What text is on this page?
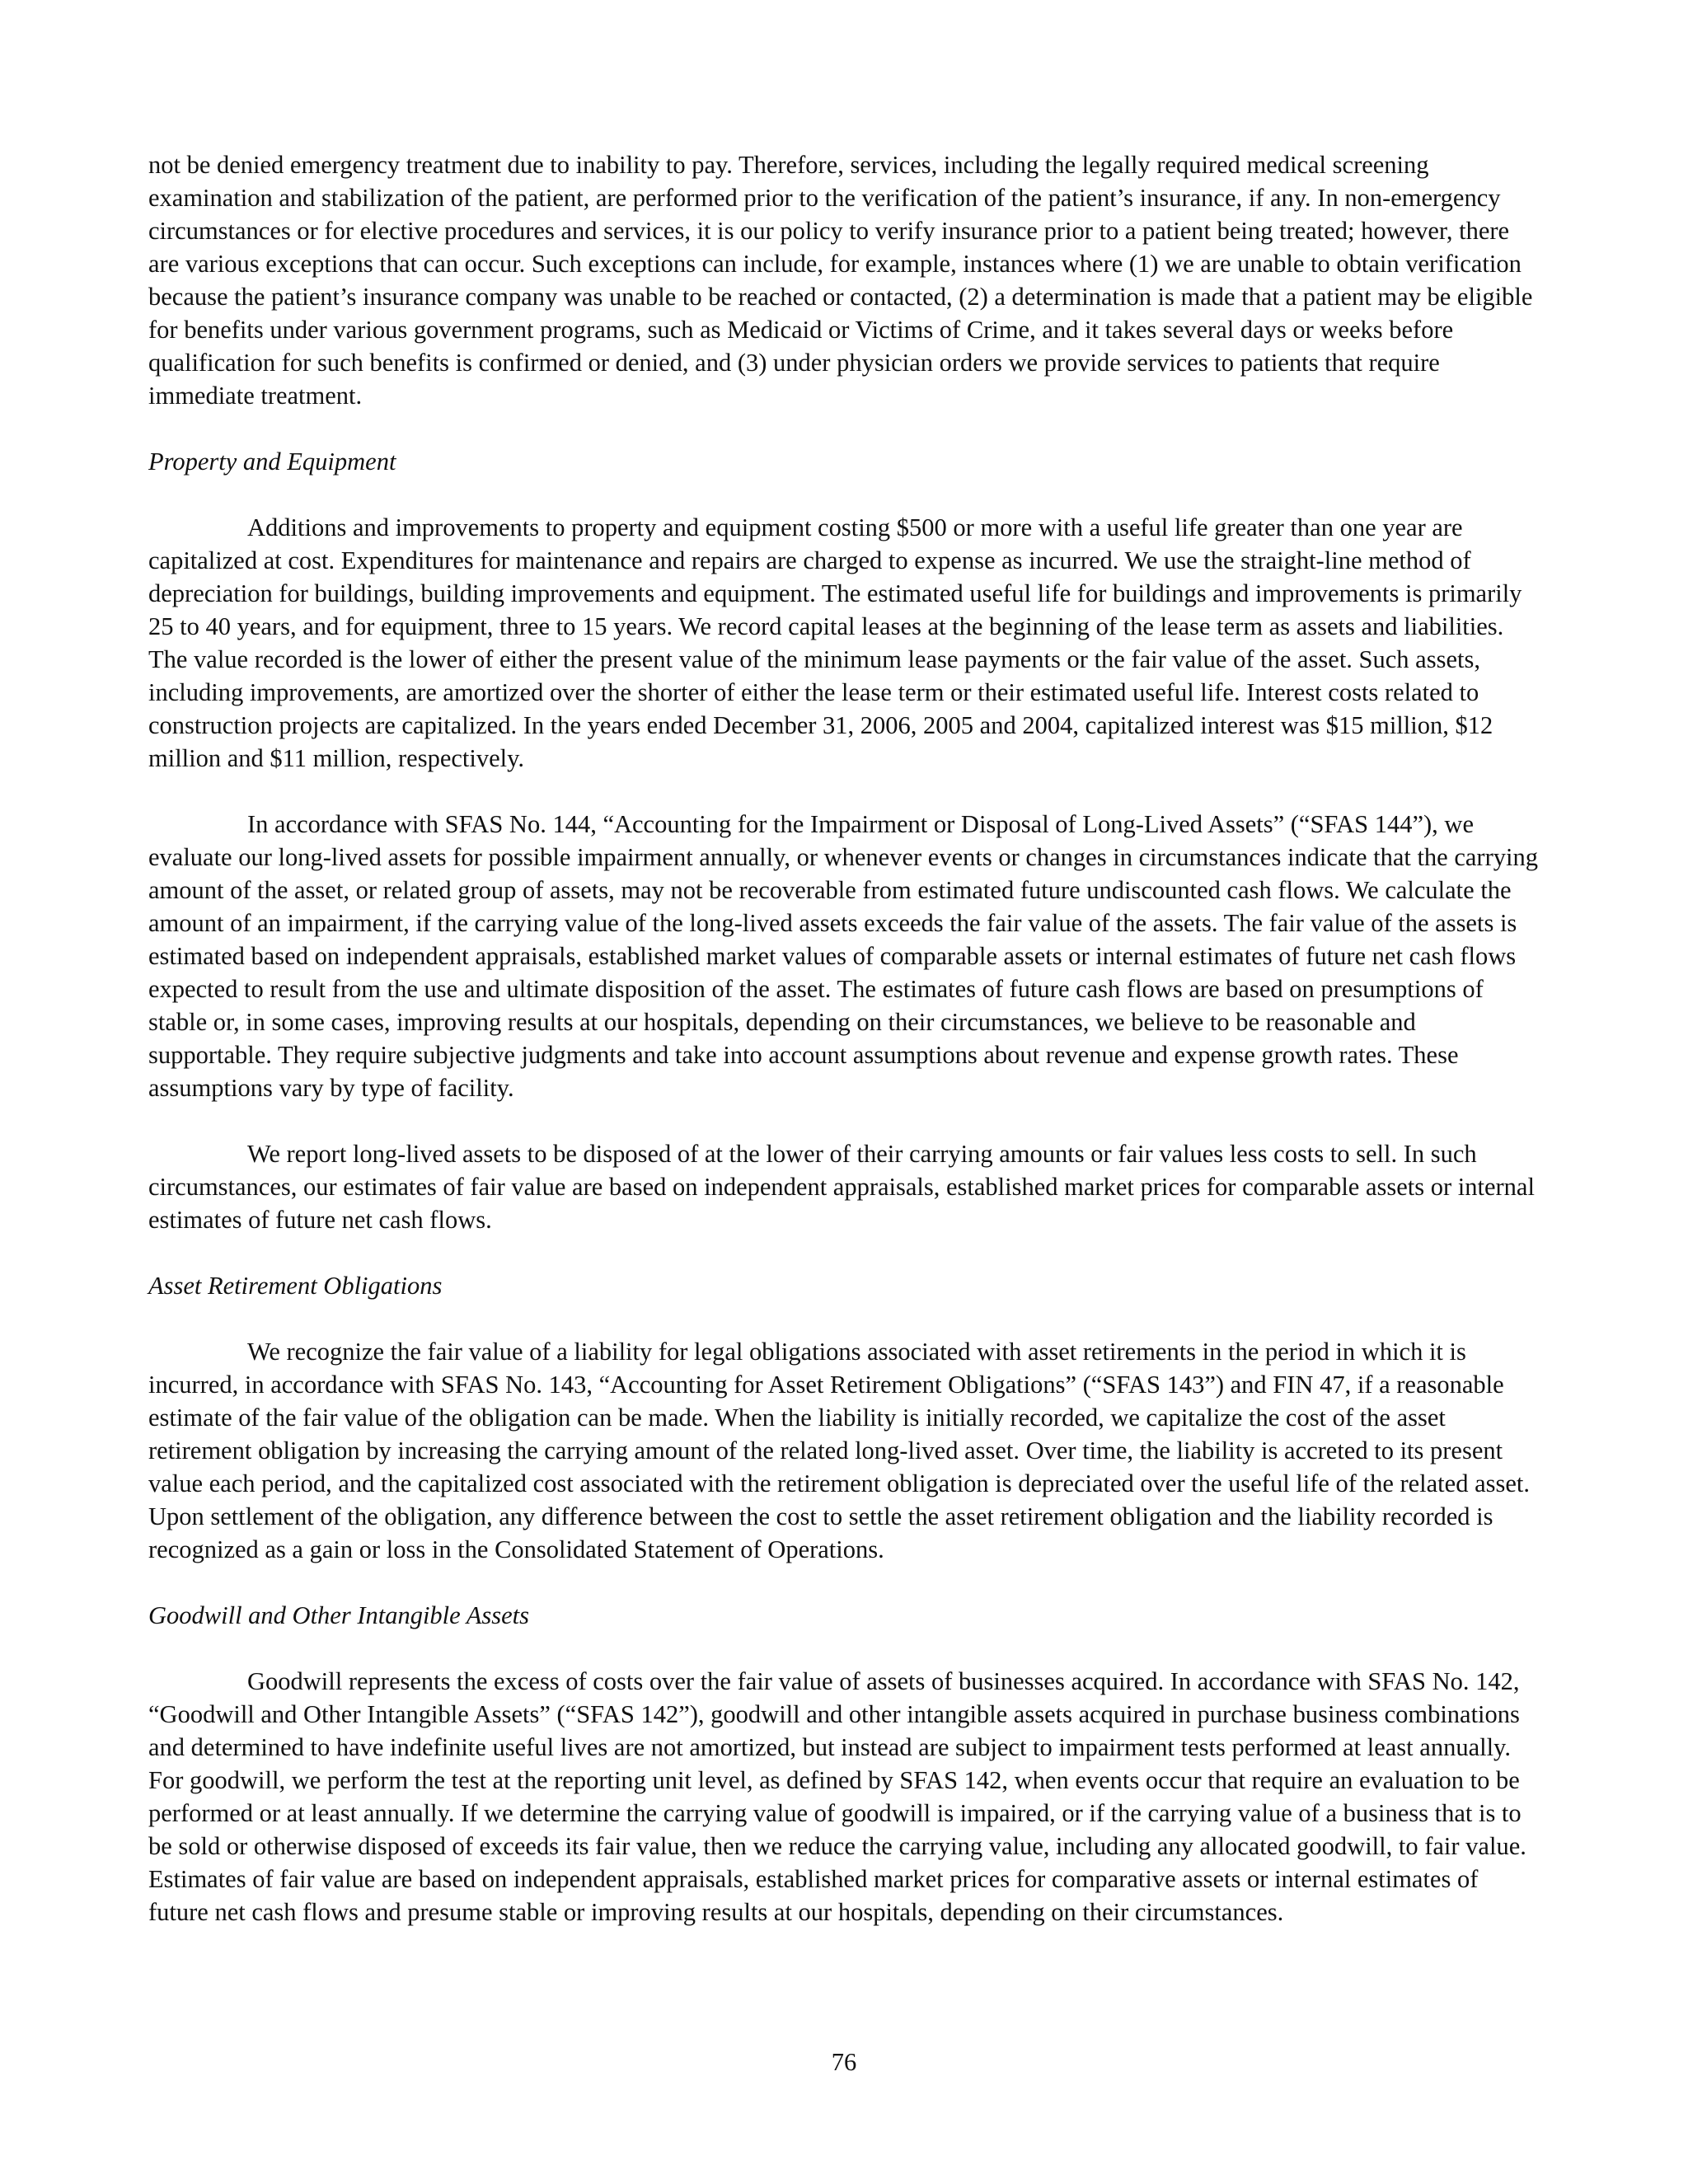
not be denied emergency treatment due to inability to pay. Therefore, services, including the legally required medical screening examination and stabilization of the patient, are performed prior to the verification of the patient’s insurance, if any. In non-emergency circumstances or for elective procedures and services, it is our policy to verify insurance prior to a patient being treated; however, there are various exceptions that can occur. Such exceptions can include, for example, instances where (1) we are unable to obtain verification because the patient’s insurance company was unable to be reached or contacted, (2) a determination is made that a patient may be eligible for benefits under various government programs, such as Medicaid or Victims of Crime, and it takes several days or weeks before qualification for such benefits is confirmed or denied, and (3) under physician orders we provide services to patients that require immediate treatment.

Property and Equipment

Additions and improvements to property and equipment costing $500 or more with a useful life greater than one year are capitalized at cost. Expenditures for maintenance and repairs are charged to expense as incurred. We use the straight-line method of depreciation for buildings, building improvements and equipment. The estimated useful life for buildings and improvements is primarily 25 to 40 years, and for equipment, three to 15 years. We record capital leases at the beginning of the lease term as assets and liabilities. The value recorded is the lower of either the present value of the minimum lease payments or the fair value of the asset. Such assets, including improvements, are amortized over the shorter of either the lease term or their estimated useful life. Interest costs related to construction projects are capitalized. In the years ended December 31, 2006, 2005 and 2004, capitalized interest was $15 million, $12 million and $11 million, respectively.

In accordance with SFAS No. 144, “Accounting for the Impairment or Disposal of Long-Lived Assets” (“SFAS 144”), we evaluate our long-lived assets for possible impairment annually, or whenever events or changes in circumstances indicate that the carrying amount of the asset, or related group of assets, may not be recoverable from estimated future undiscounted cash flows. We calculate the amount of an impairment, if the carrying value of the long-lived assets exceeds the fair value of the assets. The fair value of the assets is estimated based on independent appraisals, established market values of comparable assets or internal estimates of future net cash flows expected to result from the use and ultimate disposition of the asset. The estimates of future cash flows are based on presumptions of stable or, in some cases, improving results at our hospitals, depending on their circumstances, we believe to be reasonable and supportable. They require subjective judgments and take into account assumptions about revenue and expense growth rates. These assumptions vary by type of facility.

We report long-lived assets to be disposed of at the lower of their carrying amounts or fair values less costs to sell. In such circumstances, our estimates of fair value are based on independent appraisals, established market prices for comparable assets or internal estimates of future net cash flows.

Asset Retirement Obligations

We recognize the fair value of a liability for legal obligations associated with asset retirements in the period in which it is incurred, in accordance with SFAS No. 143, “Accounting for Asset Retirement Obligations” (“SFAS 143”) and FIN 47, if a reasonable estimate of the fair value of the obligation can be made. When the liability is initially recorded, we capitalize the cost of the asset retirement obligation by increasing the carrying amount of the related long-lived asset. Over time, the liability is accreted to its present value each period, and the capitalized cost associated with the retirement obligation is depreciated over the useful life of the related asset. Upon settlement of the obligation, any difference between the cost to settle the asset retirement obligation and the liability recorded is recognized as a gain or loss in the Consolidated Statement of Operations.

Goodwill and Other Intangible Assets

Goodwill represents the excess of costs over the fair value of assets of businesses acquired. In accordance with SFAS No. 142, “Goodwill and Other Intangible Assets” (“SFAS 142”), goodwill and other intangible assets acquired in purchase business combinations and determined to have indefinite useful lives are not amortized, but instead are subject to impairment tests performed at least annually. For goodwill, we perform the test at the reporting unit level, as defined by SFAS 142, when events occur that require an evaluation to be performed or at least annually. If we determine the carrying value of goodwill is impaired, or if the carrying value of a business that is to be sold or otherwise disposed of exceeds its fair value, then we reduce the carrying value, including any allocated goodwill, to fair value. Estimates of fair value are based on independent appraisals, established market prices for comparative assets or internal estimates of future net cash flows and presume stable or improving results at our hospitals, depending on their circumstances.

76
